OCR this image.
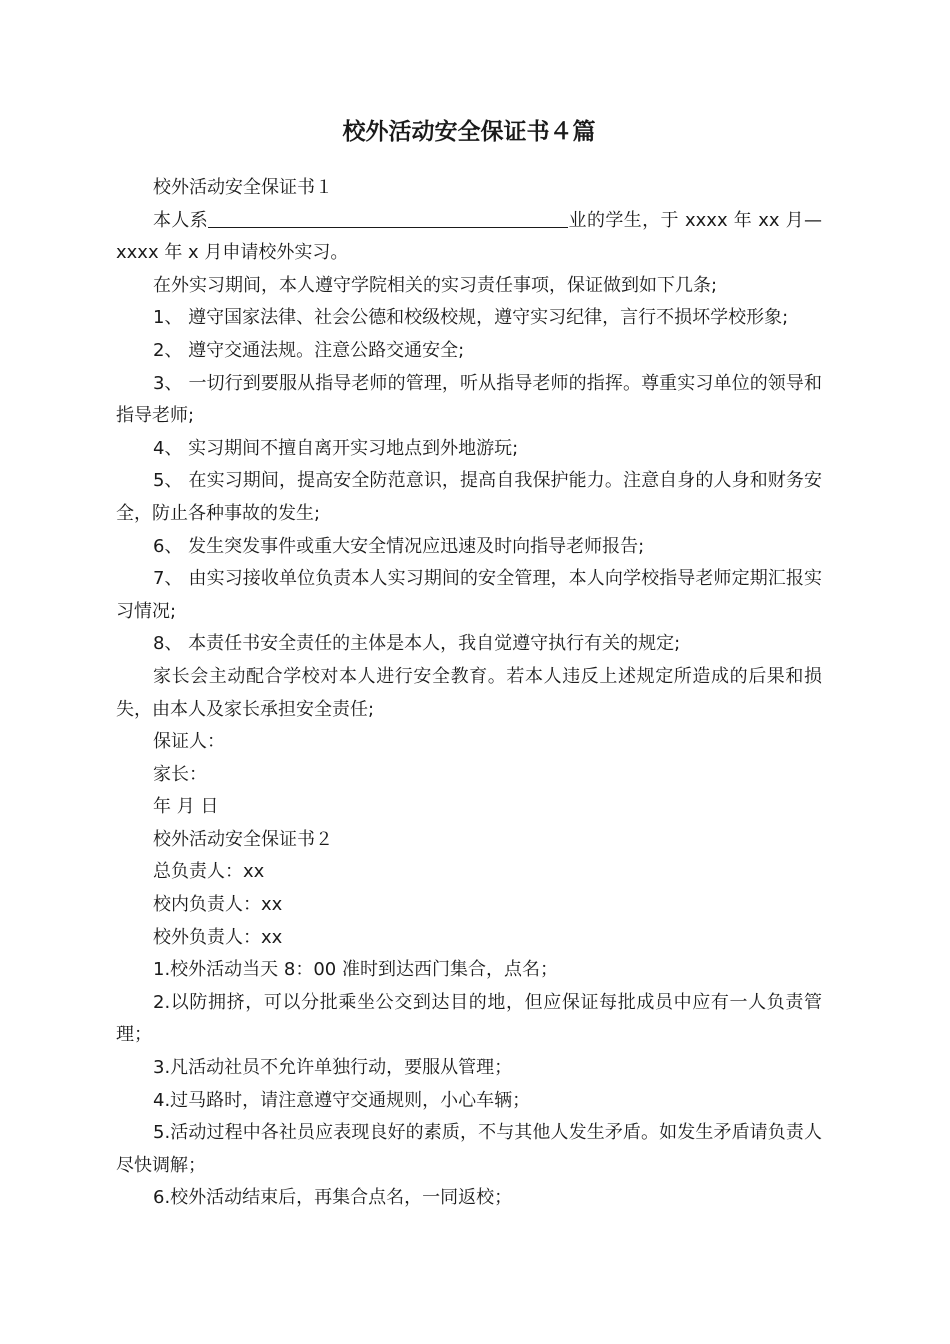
校外活动安全保证书４篇

校外活动安全保证书１

本人系	业的学生，于 xxxx 年 xx 月—xxxx 年 x 月申请校外实习。

在外实习期间，本人遵守学院相关的实习责任事项，保证做到如下几条;

1、 遵守国家法律、社会公德和校级校规，遵守实习纪律，言行不损坏学校形象;

2、 遵守交通法规。注意公路交通安全;

3、 一切行到要服从指导老师的管理，听从指导老师的指挥。尊重实习单位的领导和指导老师;

4、 实习期间不擅自离开实习地点到外地游玩;

5、 在实习期间，提高安全防范意识，提高自我保护能力。注意自身的人身和财务安全，防止各种事故的发生;

6、 发生突发事件或重大安全情况应迅速及时向指导老师报告;

7、 由实习接收单位负责本人实习期间的安全管理，本人向学校指导老师定期汇报实习情况;

8、 本责任书安全责任的主体是本人，我自觉遵守执行有关的规定;

家长会主动配合学校对本人进行安全教育。若本人违反上述规定所造成的后果和损失，由本人及家长承担安全责任;

保证人：

家长：

年 月 日

校外活动安全保证书２

总负责人：xx

校内负责人：xx

校外负责人：xx

1.校外活动当天 8：00 准时到达西门集合，点名；

2.以防拥挤，可以分批乘坐公交到达目的地，但应保证每批成员中应有一人负责管理；

3.凡活动社员不允许单独行动，要服从管理；

4.过马路时，请注意遵守交通规则，小心车辆；

5.活动过程中各社员应表现良好的素质，不与其他人发生矛盾。如发生矛盾请负责人尽快调解；

6.校外活动结束后，再集合点名，一同返校；
